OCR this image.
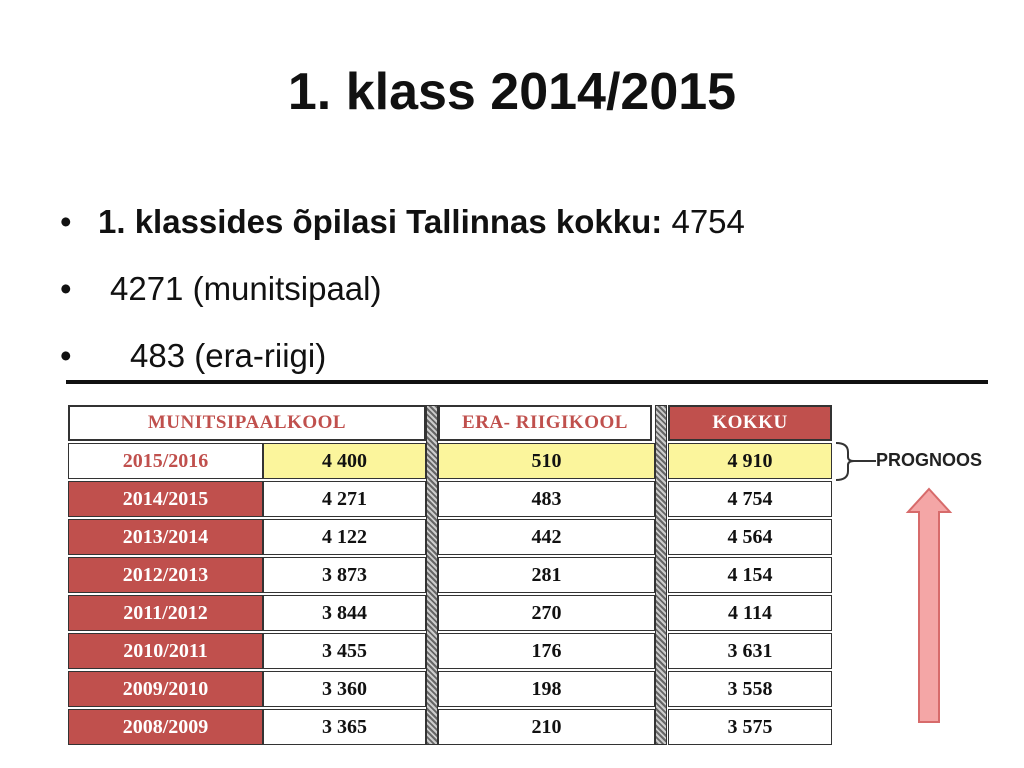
1. klass 2014/2015

•

1. klassides õpilasi Tallinnas kokku: 4754

•

	4271 (munitsipaal)

•

	483 (era-riigi)

MUNITSIPAALKOOL	ERA- RIIGIKOOL	KOKKU
2015/2016	4 400	510	4 910
2014/2015	4 271	483	4 754
2013/2014	4 122	442	4 564
2012/2013	3 873	281	4 154
2011/2012	3 844	270	4 114
2010/2011	3 455	176	3 631
2009/2010	3 360	198	3 558
2008/2009	3 365	210	3 575
PROGNOOS
